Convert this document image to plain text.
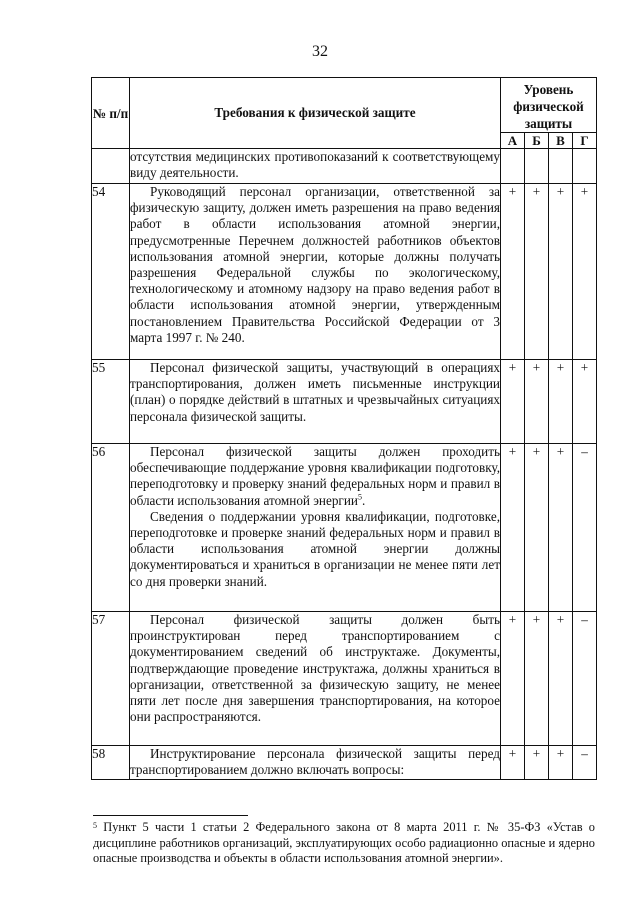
32
№ п/п	Требования к физической защите	Уровень физической защиты			
		А	Б	В	Г

	отсутствия медицинских противопоказаний к соответствующему виду деятельности.				

54	Руководящий персонал организации, ответственной за физическую защиту, должен иметь разрешения на право ведения работ в области использования атомной энергии, предусмотренные Перечнем должностей работников объектов использования атомной энергии, которые должны получать разрешения Федеральной службы по экологическому, технологическому и атомному надзору на право ведения работ в области использования атомной энергии, утвержденным постановлением Правительства Российской Федерации от 3 марта 1997 г. № 240.	+	+	+	+
55	Персонал физической защиты, участвующий в операциях транспортирования, должен иметь письменные инструкции (план) о порядке действий в штатных и чрезвычайных ситуациях персонала физической защиты.	+	+	+	+
56	Персонал физической защиты должен проходить обеспечивающие поддержание уровня квалификации подготовку, переподготовку и проверку знаний федеральных норм и правил в области использования атомной энергии$^5$.

Сведения о поддержании уровня квалификации, подготовке, переподготовке и проверке знаний федеральных норм и правил в области использования атомной энергии должны документироваться и храниться в организации не менее пяти лет со дня проверки знаний.	+	+	+	–
57	Персонал физической защиты должен быть проинструктирован перед транспортированием с документированием сведений об инструктаже. Документы, подтверждающие проведение инструктажа, должны храниться в организации, ответственной за физическую защиту, не менее пяти лет после дня завершения транспортирования, на которое они распространяются.	+	+	+	–
58	Инструктирование персонала физической защиты перед транспортированием должно включать вопросы:	+	+	+	–
$^5$ Пункт 5 части 1 статьи 2 Федерального закона от 8 марта 2011 г. № 35-ФЗ «Устав о дисциплине работников организаций, эксплуатирующих особо радиационно опасные и ядерно опасные производства и объекты в области использования атомной энергии».
